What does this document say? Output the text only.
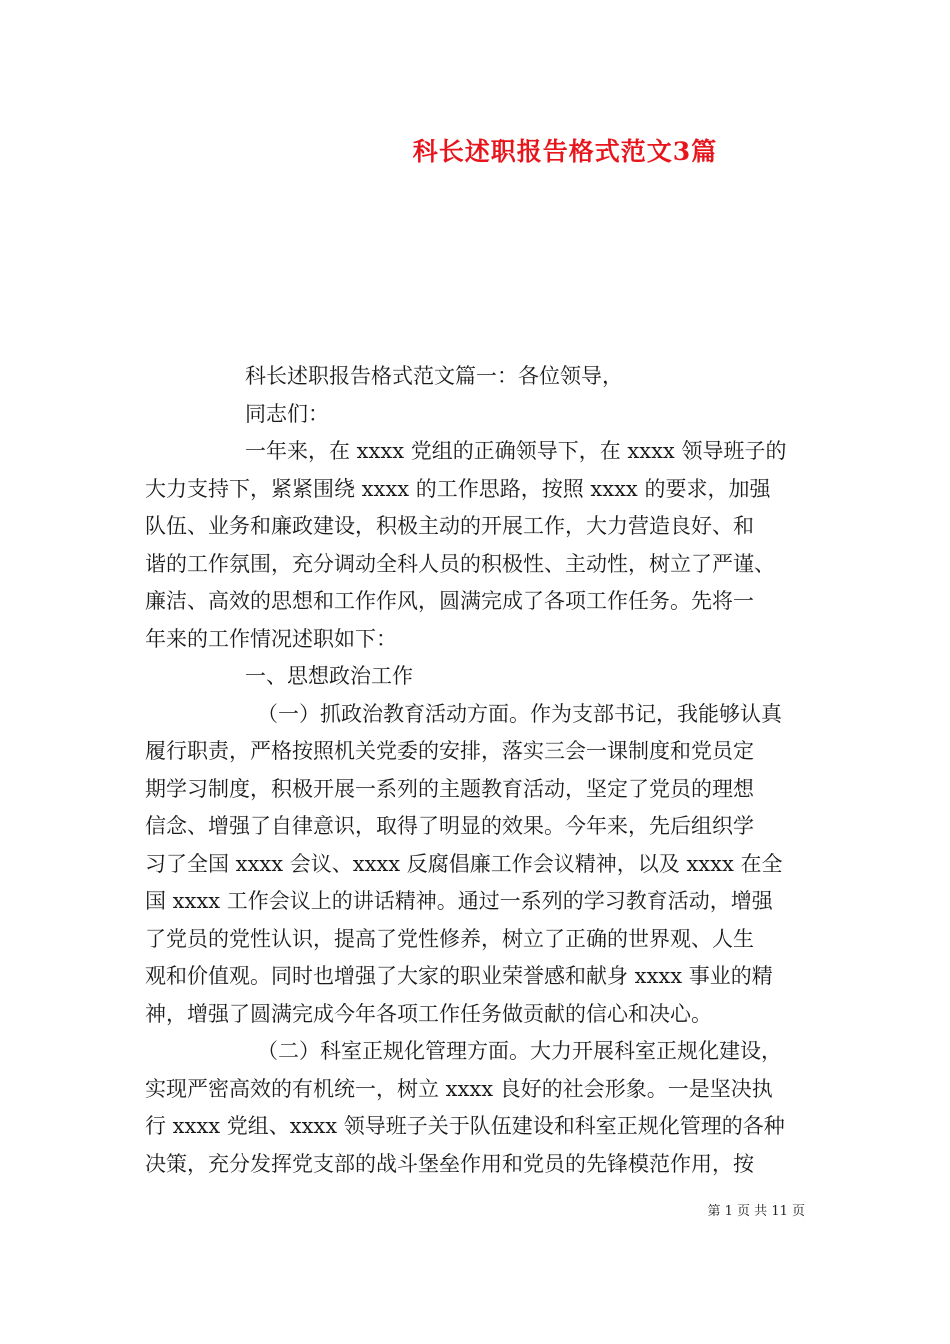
科长述职报告格式范文3篇
科长述职报告格式范文篇一：各位领导，
同志们：
一年来，在 xxxx 党组的正确领导下，在 xxxx 领导班子的
大力支持下，紧紧围绕 xxxx 的工作思路，按照 xxxx 的要求，加强
队伍、业务和廉政建设，积极主动的开展工作，大力营造良好、和
谐的工作氛围，充分调动全科人员的积极性、主动性，树立了严谨、
廉洁、高效的思想和工作作风，圆满完成了各项工作任务。先将一
年来的工作情况述职如下：
一、思想政治工作
（一）抓政治教育活动方面。作为支部书记，我能够认真
履行职责，严格按照机关党委的安排，落实三会一课制度和党员定
期学习制度，积极开展一系列的主题教育活动，坚定了党员的理想
信念、增强了自律意识，取得了明显的效果。今年来，先后组织学
习了全国 xxxx 会议、xxxx 反腐倡廉工作会议精神，以及 xxxx 在全
国 xxxx 工作会议上的讲话精神。通过一系列的学习教育活动，增强
了党员的党性认识，提高了党性修养，树立了正确的世界观、人生
观和价值观。同时也增强了大家的职业荣誉感和献身 xxxx 事业的精
神，增强了圆满完成今年各项工作任务做贡献的信心和决心。
（二）科室正规化管理方面。大力开展科室正规化建设，
实现严密高效的有机统一，树立 xxxx 良好的社会形象。一是坚决执
行 xxxx 党组、xxxx 领导班子关于队伍建设和科室正规化管理的各种
决策，充分发挥党支部的战斗堡垒作用和党员的先锋模范作用，按
第 1 页 共 11 页
